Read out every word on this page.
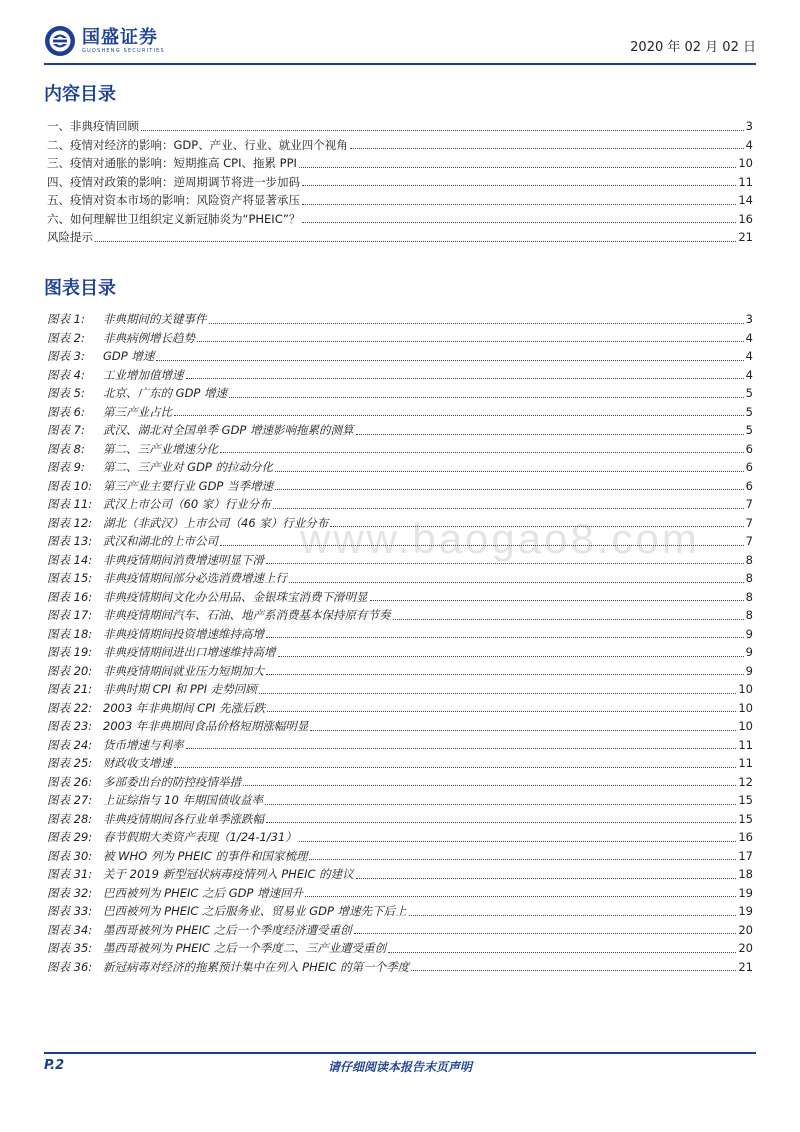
国盛证券
GUOSHENG SECURITIES	2020 年 02 月 02 日
www.baogao8.com
内容目录
一、非典疫情回顾	3
二、疫情对经济的影响：GDP、产业、行业、就业四个视角	4
三、疫情对通胀的影响：短期推高 CPI、拖累 PPI	10
四、疫情对政策的影响：逆周期调节将进一步加码	11
五、疫情对资本市场的影响：风险资产将显著承压	14
六、如何理解世卫组织定义新冠肺炎为“PHEIC”？	16
风险提示	21
图表目录
图表 1: 非典期间的关键事件	3
图表 2: 非典病例增长趋势	4
图表 3: GDP 增速	4
图表 4: 工业增加值增速	4
图表 5: 北京、广东的 GDP 增速	5
图表 6: 第三产业占比	5
图表 7: 武汉、湖北对全国单季 GDP 增速影响拖累的测算	5
图表 8: 第二、三产业增速分化	6
图表 9: 第二、三产业对 GDP 的拉动分化	6
图表 10: 第三产业主要行业 GDP 当季增速	6
图表 11: 武汉上市公司（60 家）行业分布	7
图表 12: 湖北（非武汉）上市公司（46 家）行业分布	7
图表 13: 武汉和湖北的上市公司	7
图表 14: 非典疫情期间消费增速明显下滑	8
图表 15: 非典疫情期间部分必选消费增速上行	8
图表 16: 非典疫情期间文化办公用品、金银珠宝消费下滑明显	8
图表 17: 非典疫情期间汽车、石油、地产系消费基本保持原有节奏	8
图表 18: 非典疫情期间投资增速维持高增	9
图表 19: 非典疫情期间进出口增速维持高增	9
图表 20: 非典疫情期间就业压力短期加大	9
图表 21: 非典时期 CPI 和 PPI 走势回顾	10
图表 22: 2003 年非典期间 CPI 先涨后跌	10
图表 23: 2003 年非典期间食品价格短期涨幅明显	10
图表 24: 货币增速与利率	11
图表 25: 财政收支增速	11
图表 26: 多部委出台的防控疫情举措	12
图表 27: 上证综指与 10 年期国债收益率	15
图表 28: 非典疫情期间各行业单季涨跌幅	15
图表 29: 春节假期大类资产表现（1/24-1/31）	16
图表 30: 被 WHO 列为 PHEIC 的事件和国家梳理	17
图表 31: 关于 2019 新型冠状病毒疫情列入 PHEIC 的建议	18
图表 32: 巴西被列为 PHEIC 之后 GDP 增速回升	19
图表 33: 巴西被列为 PHEIC 之后服务业、贸易业 GDP 增速先下后上	19
图表 34: 墨西哥被列为 PHEIC 之后一个季度经济遭受重创	20
图表 35: 墨西哥被列为 PHEIC 之后一个季度二、三产业遭受重创	20
图表 36: 新冠病毒对经济的拖累预计集中在列入 PHEIC 的第一个季度	21
P.2	请仔细阅读本报告末页声明
